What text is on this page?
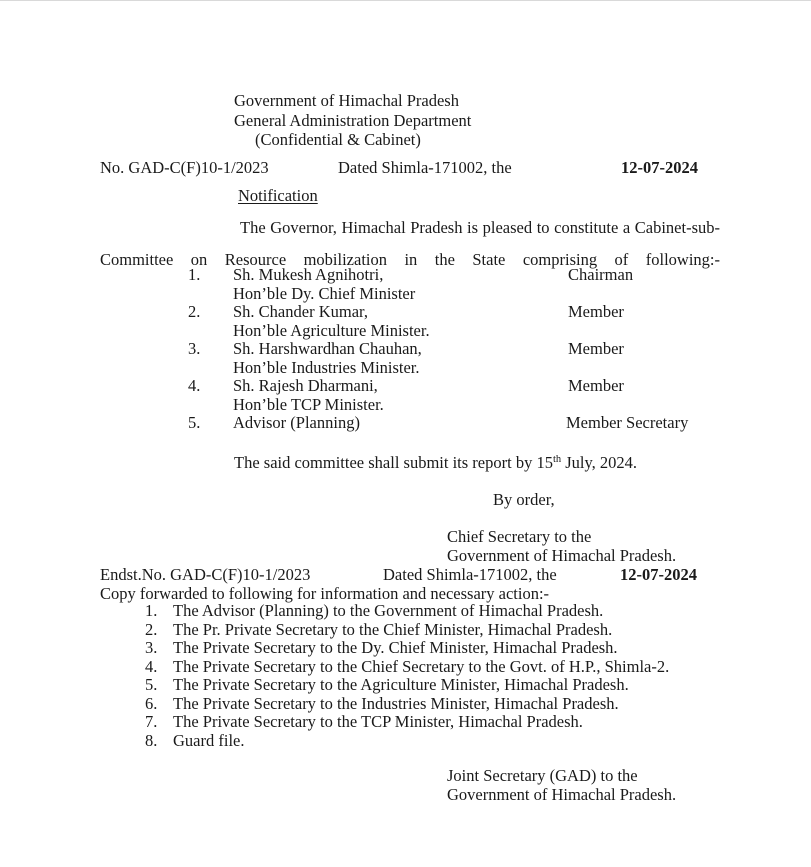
Government of Himachal Pradesh
General Administration Department
(Confidential & Cabinet)
No. GAD-C(F)10-1/2023	Dated Shimla-171002, the	12-07-2024
Notification
The Governor, Himachal Pradesh is pleased to constitute a Cabinet-sub-Committee on Resource mobilization in the State comprising of following:-
1.	Sh. Mukesh Agnihotri,	Chairman
Hon’ble Dy. Chief Minister
2.	Sh. Chander Kumar,	Member
Hon’ble Agriculture Minister.
3.	Sh. Harshwardhan Chauhan,	Member
Hon’ble Industries Minister.
4.	Sh. Rajesh Dharmani,	Member
Hon’ble TCP Minister.
5.	Advisor (Planning)	Member Secretary
The said committee shall submit its report by 15th July, 2024.
By order,
Chief Secretary to the
Government of Himachal Pradesh.
Endst.No. GAD-C(F)10-1/2023	Dated Shimla-171002, the	12-07-2024
Copy forwarded to following for information and necessary action:-
1. The Advisor (Planning) to the Government of Himachal Pradesh.
2. The Pr. Private Secretary to the Chief Minister, Himachal Pradesh.
3. The Private Secretary to the Dy. Chief Minister, Himachal Pradesh.
4. The Private Secretary to the Chief Secretary to the Govt. of H.P., Shimla-2.
5. The Private Secretary to the Agriculture Minister, Himachal Pradesh.
6. The Private Secretary to the Industries Minister, Himachal Pradesh.
7. The Private Secretary to the TCP Minister, Himachal Pradesh.
8. Guard file.
Joint Secretary (GAD) to the
Government of Himachal Pradesh.
